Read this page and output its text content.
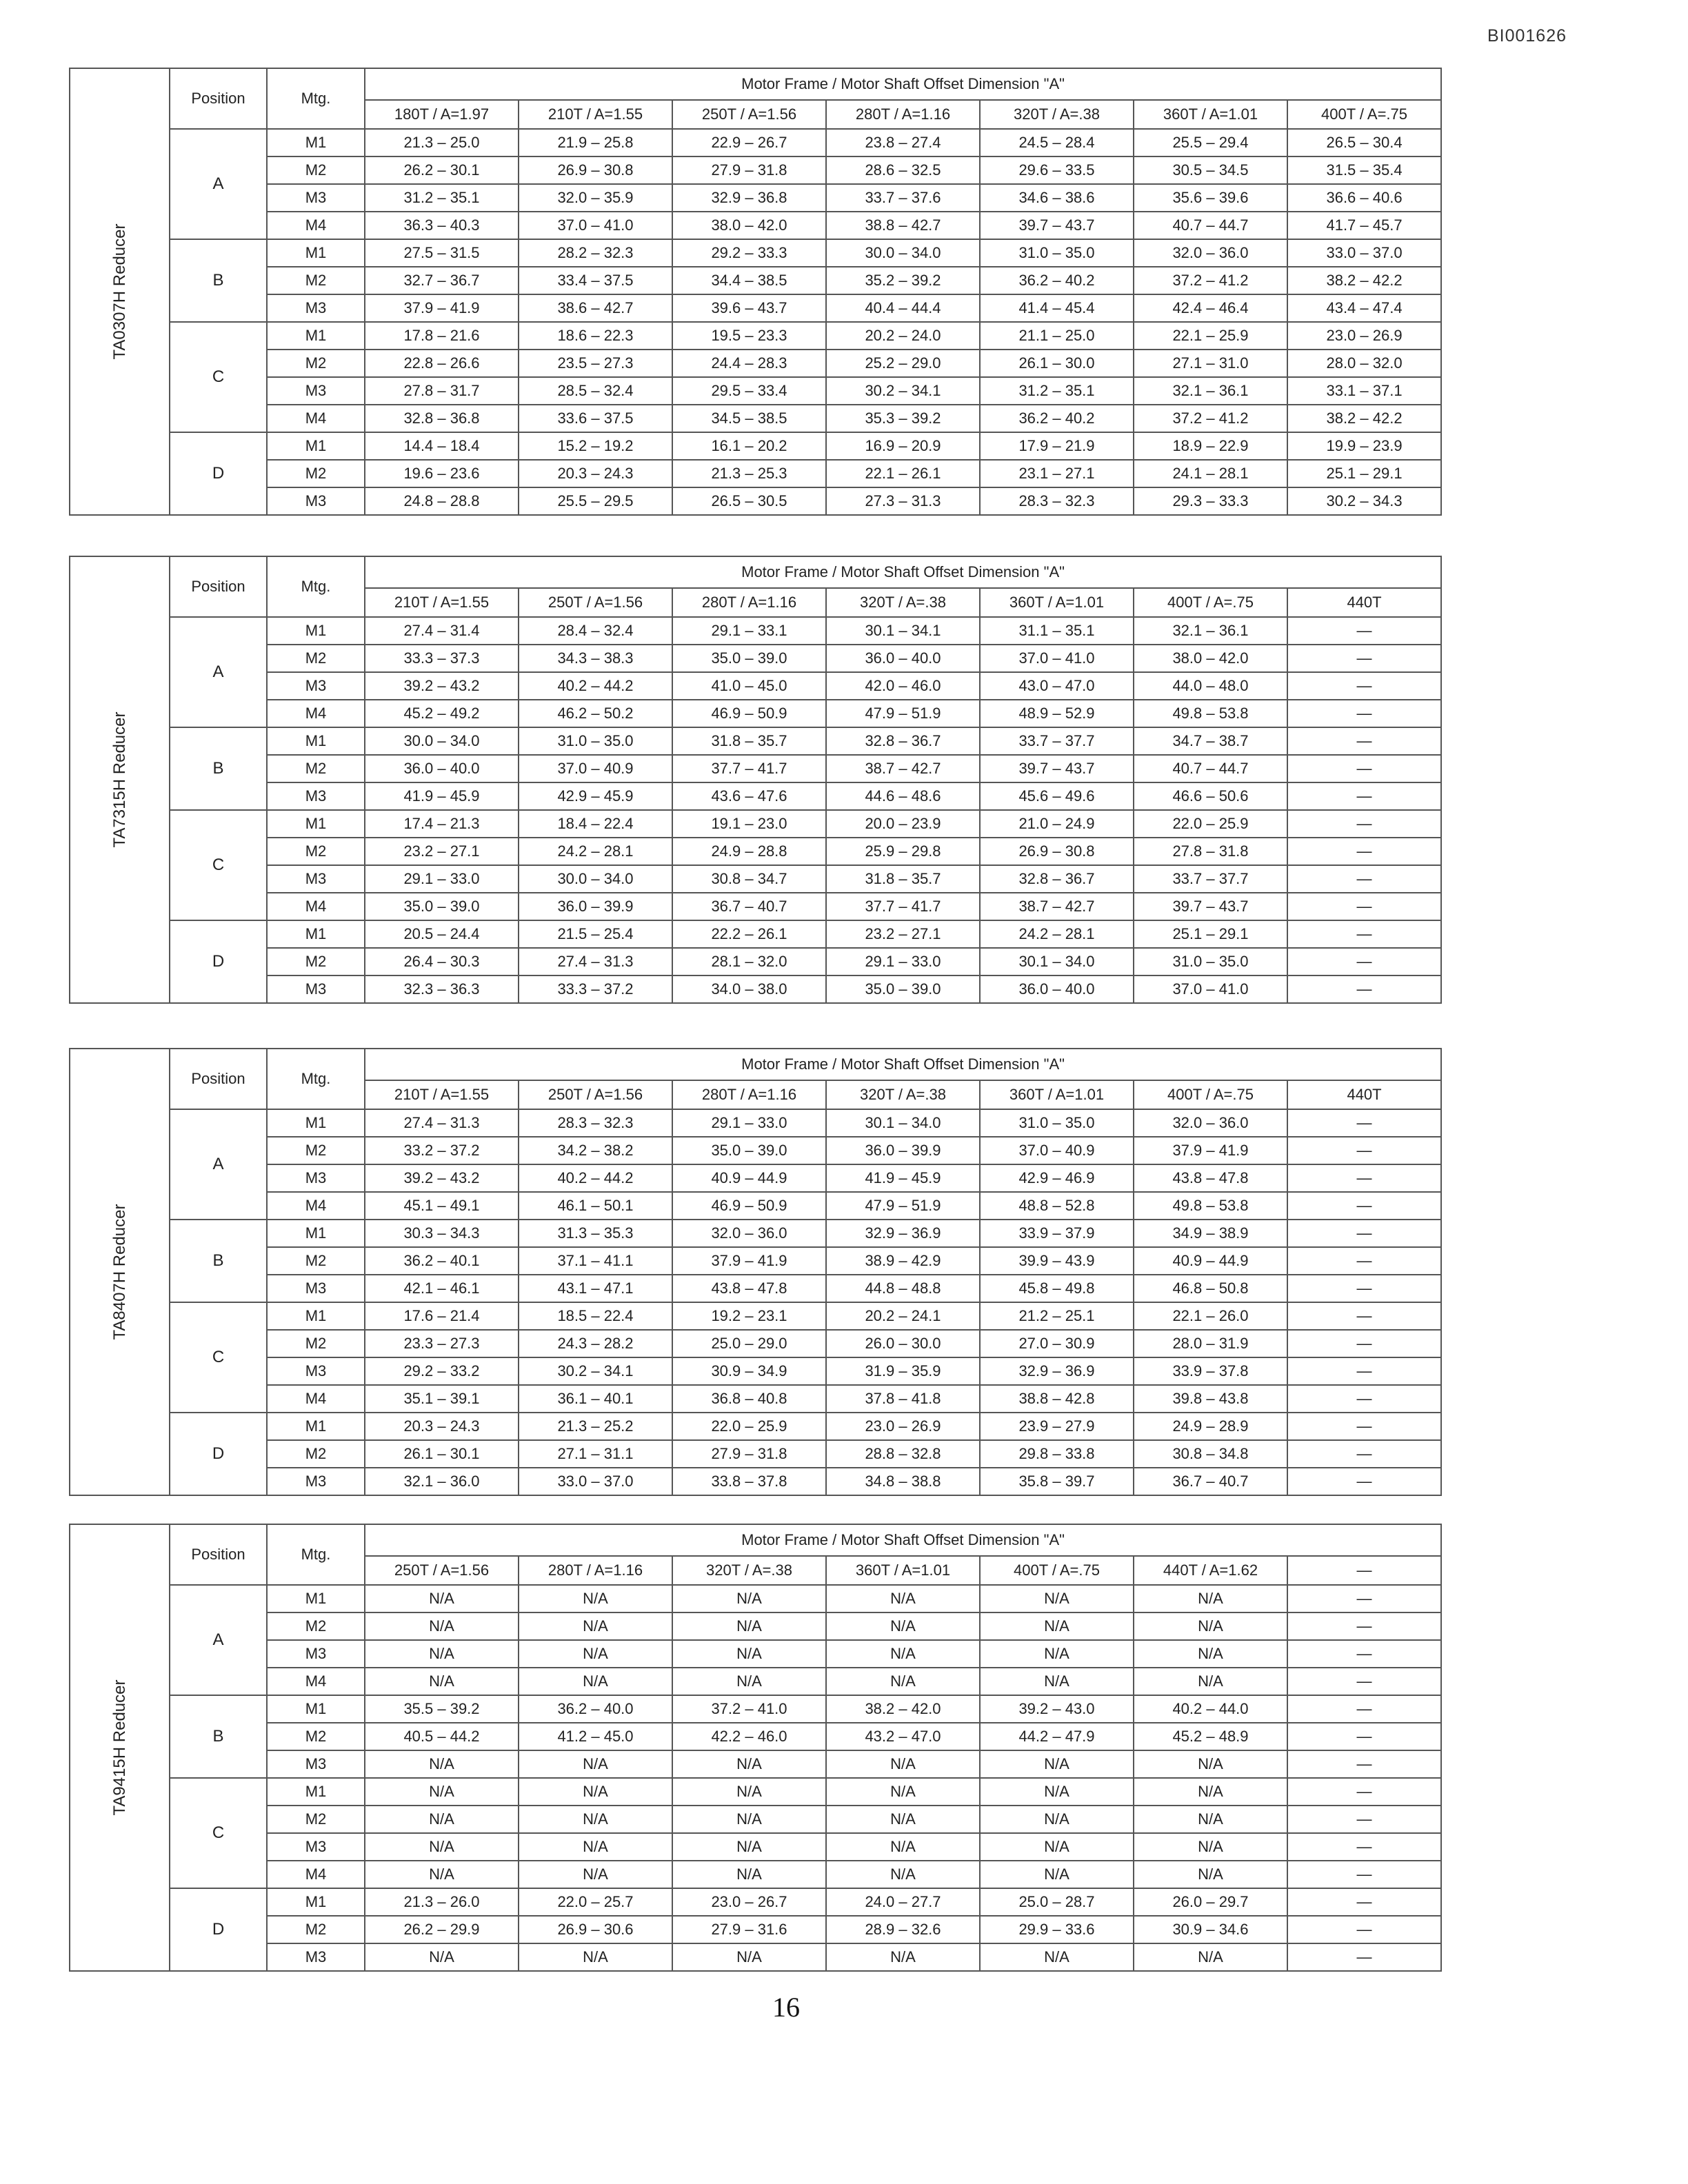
BI001626
TA0307H Reducer	Position	Mtg.	Motor Frame / Motor Shaft Offset Dimension "A"						
			180T / A=1.97	210T / A=1.55	250T / A=1.56	280T / A=1.16	320T / A=.38	360T / A=1.01	400T / A=.75
	A	M1	21.3 – 25.0	21.9 – 25.8	22.9 – 26.7	23.8 – 27.4	24.5 – 28.4	25.5 – 29.4	26.5 – 30.4
		M2	26.2 – 30.1	26.9 – 30.8	27.9 – 31.8	28.6 – 32.5	29.6 – 33.5	30.5 – 34.5	31.5 – 35.4
		M3	31.2 – 35.1	32.0 – 35.9	32.9 – 36.8	33.7 – 37.6	34.6 – 38.6	35.6 – 39.6	36.6 – 40.6
		M4	36.3 – 40.3	37.0 – 41.0	38.0 – 42.0	38.8 – 42.7	39.7 – 43.7	40.7 – 44.7	41.7 – 45.7
	B	M1	27.5 – 31.5	28.2 – 32.3	29.2 – 33.3	30.0 – 34.0	31.0 – 35.0	32.0 – 36.0	33.0 – 37.0
		M2	32.7 – 36.7	33.4 – 37.5	34.4 – 38.5	35.2 – 39.2	36.2 – 40.2	37.2 – 41.2	38.2 – 42.2
		M3	37.9 – 41.9	38.6 – 42.7	39.6 – 43.7	40.4 – 44.4	41.4 – 45.4	42.4 – 46.4	43.4 – 47.4
	C	M1	17.8 – 21.6	18.6 – 22.3	19.5 – 23.3	20.2 – 24.0	21.1 – 25.0	22.1 – 25.9	23.0 – 26.9
		M2	22.8 – 26.6	23.5 – 27.3	24.4 – 28.3	25.2 – 29.0	26.1 – 30.0	27.1 – 31.0	28.0 – 32.0
		M3	27.8 – 31.7	28.5 – 32.4	29.5 – 33.4	30.2 – 34.1	31.2 – 35.1	32.1 – 36.1	33.1 – 37.1
		M4	32.8 – 36.8	33.6 – 37.5	34.5 – 38.5	35.3 – 39.2	36.2 – 40.2	37.2 – 41.2	38.2 – 42.2
	D	M1	14.4 – 18.4	15.2 – 19.2	16.1 – 20.2	16.9 – 20.9	17.9 – 21.9	18.9 – 22.9	19.9 – 23.9
		M2	19.6 – 23.6	20.3 – 24.3	21.3 – 25.3	22.1 – 26.1	23.1 – 27.1	24.1 – 28.1	25.1 – 29.1
		M3	24.8 – 28.8	25.5 – 29.5	26.5 – 30.5	27.3 – 31.3	28.3 – 32.3	29.3 – 33.3	30.2 – 34.3
TA7315H Reducer	Position	Mtg.	Motor Frame / Motor Shaft Offset Dimension "A"						
			210T / A=1.55	250T / A=1.56	280T / A=1.16	320T / A=.38	360T / A=1.01	400T / A=.75	440T
	A	M1	27.4 – 31.4	28.4 – 32.4	29.1 – 33.1	30.1 – 34.1	31.1 – 35.1	32.1 – 36.1	—
		M2	33.3 – 37.3	34.3 – 38.3	35.0 – 39.0	36.0 – 40.0	37.0 – 41.0	38.0 – 42.0	—
		M3	39.2 – 43.2	40.2 – 44.2	41.0 – 45.0	42.0 – 46.0	43.0 – 47.0	44.0 – 48.0	—
		M4	45.2 – 49.2	46.2 – 50.2	46.9 – 50.9	47.9 – 51.9	48.9 – 52.9	49.8 – 53.8	—
	B	M1	30.0 – 34.0	31.0 – 35.0	31.8 – 35.7	32.8 – 36.7	33.7 – 37.7	34.7 – 38.7	—
		M2	36.0 – 40.0	37.0 – 40.9	37.7 – 41.7	38.7 – 42.7	39.7 – 43.7	40.7 – 44.7	—
		M3	41.9 – 45.9	42.9 – 45.9	43.6 – 47.6	44.6 – 48.6	45.6 – 49.6	46.6 – 50.6	—
	C	M1	17.4 – 21.3	18.4 – 22.4	19.1 – 23.0	20.0 – 23.9	21.0 – 24.9	22.0 – 25.9	—
		M2	23.2 – 27.1	24.2 – 28.1	24.9 – 28.8	25.9 – 29.8	26.9 – 30.8	27.8 – 31.8	—
		M3	29.1 – 33.0	30.0 – 34.0	30.8 – 34.7	31.8 – 35.7	32.8 – 36.7	33.7 – 37.7	—
		M4	35.0 – 39.0	36.0 – 39.9	36.7 – 40.7	37.7 – 41.7	38.7 – 42.7	39.7 – 43.7	—
	D	M1	20.5 – 24.4	21.5 – 25.4	22.2 – 26.1	23.2 – 27.1	24.2 – 28.1	25.1 – 29.1	—
		M2	26.4 – 30.3	27.4 – 31.3	28.1 – 32.0	29.1 – 33.0	30.1 – 34.0	31.0 – 35.0	—
		M3	32.3 – 36.3	33.3 – 37.2	34.0 – 38.0	35.0 – 39.0	36.0 – 40.0	37.0 – 41.0	—
TA8407H Reducer	Position	Mtg.	Motor Frame / Motor Shaft Offset Dimension "A"						
			210T / A=1.55	250T / A=1.56	280T / A=1.16	320T / A=.38	360T / A=1.01	400T / A=.75	440T
	A	M1	27.4 – 31.3	28.3 – 32.3	29.1 – 33.0	30.1 – 34.0	31.0 – 35.0	32.0 – 36.0	—
		M2	33.2 – 37.2	34.2 – 38.2	35.0 – 39.0	36.0 – 39.9	37.0 – 40.9	37.9 – 41.9	—
		M3	39.2 – 43.2	40.2 – 44.2	40.9 – 44.9	41.9 – 45.9	42.9 – 46.9	43.8 – 47.8	—
		M4	45.1 – 49.1	46.1 – 50.1	46.9 – 50.9	47.9 – 51.9	48.8 – 52.8	49.8 – 53.8	—
	B	M1	30.3 – 34.3	31.3 – 35.3	32.0 – 36.0	32.9 – 36.9	33.9 – 37.9	34.9 – 38.9	—
		M2	36.2 – 40.1	37.1 – 41.1	37.9 – 41.9	38.9 – 42.9	39.9 – 43.9	40.9 – 44.9	—
		M3	42.1 – 46.1	43.1 – 47.1	43.8 – 47.8	44.8 – 48.8	45.8 – 49.8	46.8 – 50.8	—
	C	M1	17.6 – 21.4	18.5 – 22.4	19.2 – 23.1	20.2 – 24.1	21.2 – 25.1	22.1 – 26.0	—
		M2	23.3 – 27.3	24.3 – 28.2	25.0 – 29.0	26.0 – 30.0	27.0 – 30.9	28.0 – 31.9	—
		M3	29.2 – 33.2	30.2 – 34.1	30.9 – 34.9	31.9 – 35.9	32.9 – 36.9	33.9 – 37.8	—
		M4	35.1 – 39.1	36.1 – 40.1	36.8 – 40.8	37.8 – 41.8	38.8 – 42.8	39.8 – 43.8	—
	D	M1	20.3 – 24.3	21.3 – 25.2	22.0 – 25.9	23.0 – 26.9	23.9 – 27.9	24.9 – 28.9	—
		M2	26.1 – 30.1	27.1 – 31.1	27.9 – 31.8	28.8 – 32.8	29.8 – 33.8	30.8 – 34.8	—
		M3	32.1 – 36.0	33.0 – 37.0	33.8 – 37.8	34.8 – 38.8	35.8 – 39.7	36.7 – 40.7	—
TA9415H Reducer	Position	Mtg.	Motor Frame / Motor Shaft Offset Dimension "A"						
			250T / A=1.56	280T / A=1.16	320T / A=.38	360T / A=1.01	400T / A=.75	440T / A=1.62	—
	A	M1	N/A	N/A	N/A	N/A	N/A	N/A	—
		M2	N/A	N/A	N/A	N/A	N/A	N/A	—
		M3	N/A	N/A	N/A	N/A	N/A	N/A	—
		M4	N/A	N/A	N/A	N/A	N/A	N/A	—
	B	M1	35.5 – 39.2	36.2 – 40.0	37.2 – 41.0	38.2 – 42.0	39.2 – 43.0	40.2 – 44.0	—
		M2	40.5 – 44.2	41.2 – 45.0	42.2 – 46.0	43.2 – 47.0	44.2 – 47.9	45.2 – 48.9	—
		M3	N/A	N/A	N/A	N/A	N/A	N/A	—
	C	M1	N/A	N/A	N/A	N/A	N/A	N/A	—
		M2	N/A	N/A	N/A	N/A	N/A	N/A	—
		M3	N/A	N/A	N/A	N/A	N/A	N/A	—
		M4	N/A	N/A	N/A	N/A	N/A	N/A	—
	D	M1	21.3 – 26.0	22.0 – 25.7	23.0 – 26.7	24.0 – 27.7	25.0 – 28.7	26.0 – 29.7	—
		M2	26.2 – 29.9	26.9 – 30.6	27.9 – 31.6	28.9 – 32.6	29.9 – 33.6	30.9 – 34.6	—
		M3	N/A	N/A	N/A	N/A	N/A	N/A	—
16
